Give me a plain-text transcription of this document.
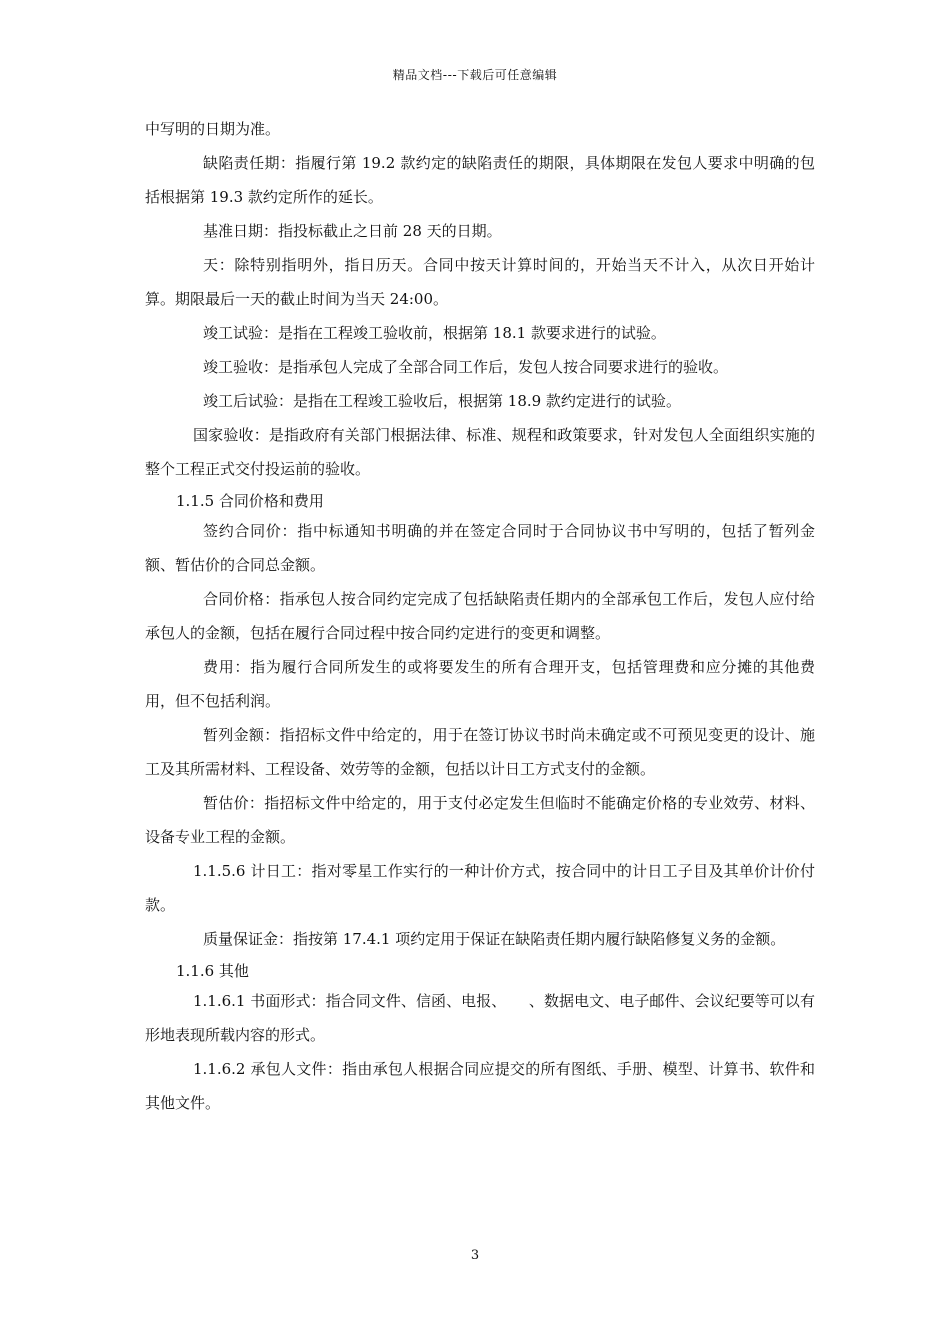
精品文档---下载后可任意编辑

中写明的日期为准。

缺陷责任期：指履行第 19.2 款约定的缺陷责任的期限，具体期限在发包人要求中明确的包括根据第 19.3 款约定所作的延长。

基准日期：指投标截止之日前 28 天的日期。

天：除特别指明外，指日历天。合同中按天计算时间的，开始当天不计入，从次日开始计算。期限最后一天的截止时间为当天 24:00。

竣工试验：是指在工程竣工验收前，根据第 18.1 款要求进行的试验。

竣工验收：是指承包人完成了全部合同工作后，发包人按合同要求进行的验收。

竣工后试验：是指在工程竣工验收后，根据第 18.9 款约定进行的试验。

国家验收：是指政府有关部门根据法律、标准、规程和政策要求，针对发包人全面组织实施的整个工程正式交付投运前的验收。

1.1.5 合同价格和费用

签约合同价：指中标通知书明确的并在签定合同时于合同协议书中写明的，包括了暂列金额、暂估价的合同总金额。

合同价格：指承包人按合同约定完成了包括缺陷责任期内的全部承包工作后，发包人应付给承包人的金额，包括在履行合同过程中按合同约定进行的变更和调整。

费用：指为履行合同所发生的或将要发生的所有合理开支，包括管理费和应分摊的其他费用，但不包括利润。

暂列金额：指招标文件中给定的，用于在签订协议书时尚未确定或不可预见变更的设计、施工及其所需材料、工程设备、效劳等的金额，包括以计日工方式支付的金额。

暂估价：指招标文件中给定的，用于支付必定发生但临时不能确定价格的专业效劳、材料、设备专业工程的金额。

1.1.5.6 计日工：指对零星工作实行的一种计价方式，按合同中的计日工子目及其单价计价付款。

质量保证金：指按第 17.4.1 项约定用于保证在缺陷责任期内履行缺陷修复义务的金额。

1.1.6 其他

1.1.6.1 书面形式：指合同文件、信函、电报、　　、数据电文、电子邮件、会议纪要等可以有形地表现所载内容的形式。

1.1.6.2 承包人文件：指由承包人根据合同应提交的所有图纸、手册、模型、计算书、软件和其他文件。

3
